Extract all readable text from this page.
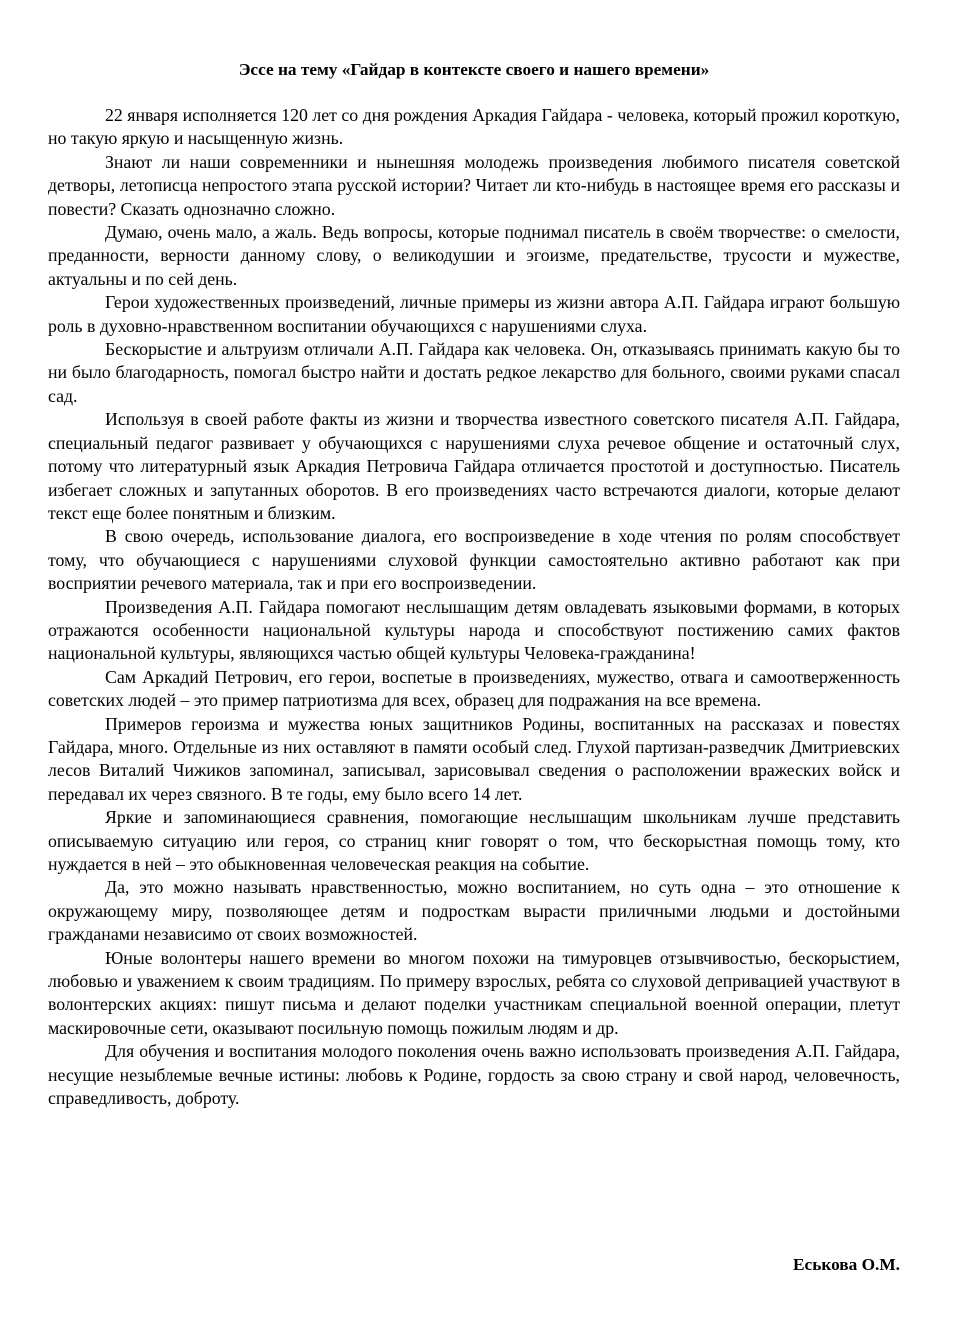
Эссе на тему «Гайдар в контексте своего и нашего времени»

22 января исполняется 120 лет со дня рождения Аркадия Гайдара - человека, который прожил короткую, но такую яркую и насыщенную жизнь.

Знают ли наши современники и нынешняя молодежь произведения любимого писателя советской детворы, летописца непростого этапа русской истории? Читает ли кто-нибудь в настоящее время его рассказы и повести? Сказать однозначно сложно.

Думаю, очень мало, а жаль. Ведь вопросы, которые поднимал писатель в своём творчестве: о смелости, преданности, верности данному слову, о великодушии и эгоизме, предательстве, трусости и мужестве, актуальны и по сей день.

Герои художественных произведений, личные примеры из жизни автора А.П. Гайдара играют большую роль в духовно-нравственном воспитании обучающихся с нарушениями слуха.

Бескорыстие и альтруизм отличали А.П. Гайдара как человека. Он, отказываясь принимать какую бы то ни было благодарность, помогал быстро найти и достать редкое лекарство для больного, своими руками спасал сад.

Используя в своей работе факты из жизни и творчества известного советского писателя А.П. Гайдара, специальный педагог развивает у обучающихся с нарушениями слуха речевое общение и остаточный слух, потому что литературный язык Аркадия Петровича Гайдара отличается простотой и доступностью. Писатель избегает сложных и запутанных оборотов. В его произведениях часто встречаются диалоги, которые делают текст еще более понятным и близким.

В свою очередь, использование диалога, его воспроизведение в ходе чтения по ролям способствует тому, что обучающиеся с нарушениями слуховой функции самостоятельно активно работают как при восприятии речевого материала, так и при его воспроизведении.

Произведения А.П. Гайдара помогают неслышащим детям овладевать языковыми формами, в которых отражаются особенности национальной культуры народа и способствуют постижению самих фактов национальной культуры, являющихся частью общей культуры Человека-гражданина!

Сам Аркадий Петрович, его герои, воспетые в произведениях, мужество, отвага и самоотверженность советских людей – это пример патриотизма для всех, образец для подражания на все времена.

Примеров героизма и мужества юных защитников Родины, воспитанных на рассказах и повестях Гайдара, много. Отдельные из них оставляют в памяти особый след. Глухой партизан-разведчик Дмитриевских лесов Виталий Чижиков запоминал, записывал, зарисовывал сведения о расположении вражеских войск и передавал их через связного. В те годы, ему было всего 14 лет.

Яркие и запоминающиеся сравнения, помогающие неслышащим школьникам лучше представить описываемую ситуацию или героя, со страниц книг говорят о том, что бескорыстная помощь тому, кто нуждается в ней – это обыкновенная человеческая реакция на событие.

Да, это можно называть нравственностью, можно воспитанием, но суть одна – это отношение к окружающему миру, позволяющее детям и подросткам вырасти приличными людьми и достойными гражданами независимо от своих возможностей.

Юные волонтеры нашего времени во многом похожи на тимуровцев отзывчивостью, бескорыстием, любовью и уважением к своим традициям. По примеру взрослых, ребята со слуховой депривацией участвуют в волонтерских акциях: пишут письма и делают поделки участникам специальной военной операции, плетут маскировочные сети, оказывают посильную помощь пожилым людям и др.

Для обучения и воспитания молодого поколения очень важно использовать произведения А.П. Гайдара, несущие незыблемые вечные истины: любовь к Родине, гордость за свою страну и свой народ, человечность, справедливость, доброту.

Еськова О.М.
